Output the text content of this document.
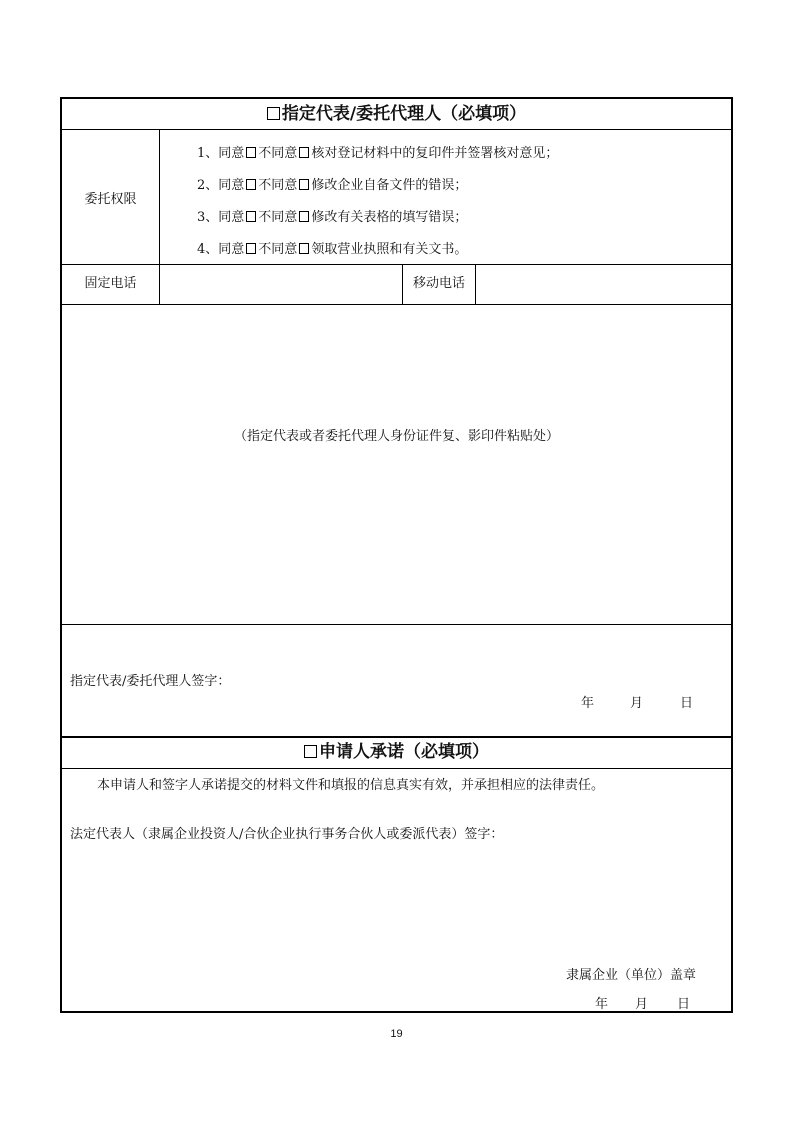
指定代表/委托代理人（必填项）
委托权限
1、同意 不同意 核对登记材料中的复印件并签署核对意见；
2、同意 不同意 修改企业自备文件的错误；
3、同意 不同意 修改有关表格的填写错误；
4、同意 不同意 领取营业执照和有关文书。
固定电话	移动电话
（指定代表或者委托代理人身份证件复、影印件粘贴处）
指定代表/委托代理人签字：
年	月	日
申请人承诺（必填项）
本申请人和签字人承诺提交的材料文件和填报的信息真实有效，并承担相应的法律责任。
法定代表人（隶属企业投资人/合伙企业执行事务合伙人或委派代表）签字：
隶属企业（单位）盖章
年 月 日
19
